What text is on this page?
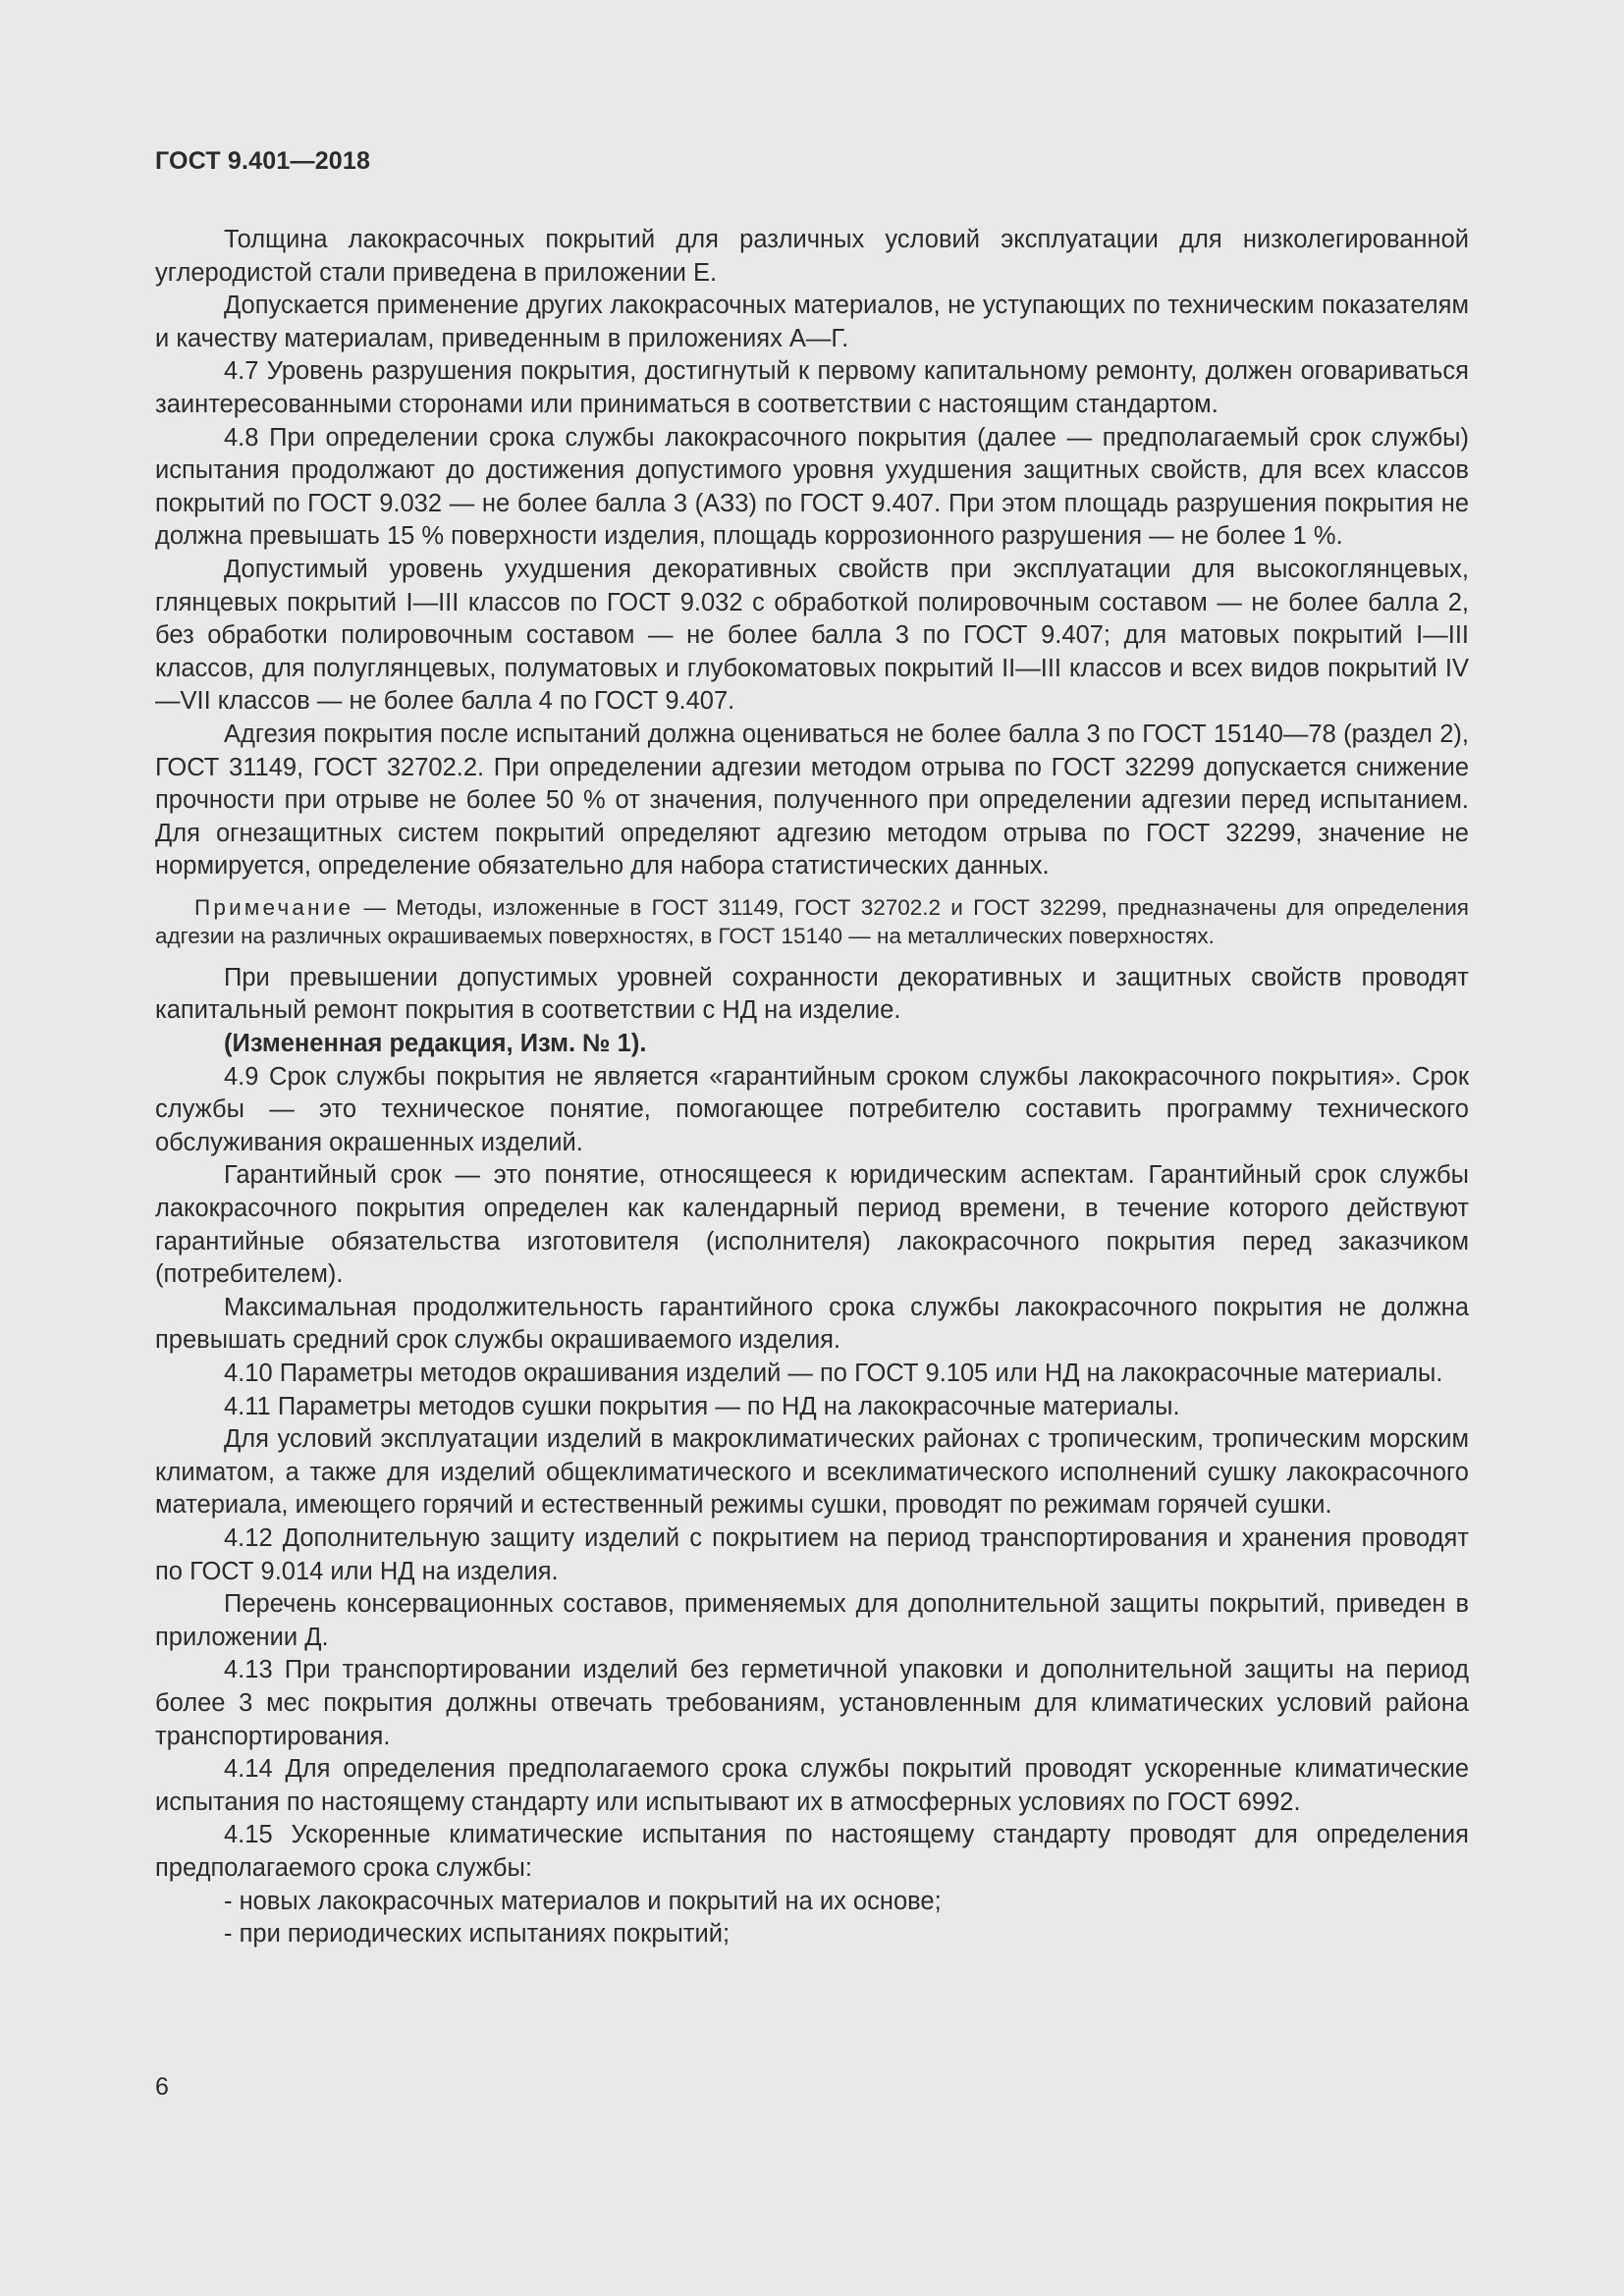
ГОСТ 9.401—2018

Толщина лакокрасочных покрытий для различных условий эксплуатации для низколегированной углеродистой стали приведена в приложении Е.

Допускается применение других лакокрасочных материалов, не уступающих по техническим показателям и качеству материалам, приведенным в приложениях А—Г.

4.7 Уровень разрушения покрытия, достигнутый к первому капитальному ремонту, должен оговариваться заинтересованными сторонами или приниматься в соответствии с настоящим стандартом.

4.8 При определении срока службы лакокрасочного покрытия (далее — предполагаемый срок службы) испытания продолжают до достижения допустимого уровня ухудшения защитных свойств, для всех классов покрытий по ГОСТ 9.032 — не более балла 3 (АЗ3) по ГОСТ 9.407. При этом площадь разрушения покрытия не должна превышать 15 % поверхности изделия, площадь коррозионного разрушения — не более 1 %.

Допустимый уровень ухудшения декоративных свойств при эксплуатации для высокоглянцевых, глянцевых покрытий I—III классов по ГОСТ 9.032 с обработкой полировочным составом — не более балла 2, без обработки полировочным составом — не более балла 3 по ГОСТ 9.407; для матовых покрытий I—III классов, для полуглянцевых, полуматовых и глубокоматовых покрытий II—III классов и всех видов покрытий IV—VII классов — не более балла 4 по ГОСТ 9.407.

Адгезия покрытия после испытаний должна оцениваться не более балла 3 по ГОСТ 15140—78 (раздел 2), ГОСТ 31149, ГОСТ 32702.2. При определении адгезии методом отрыва по ГОСТ 32299 допускается снижение прочности при отрыве не более 50 % от значения, полученного при определении адгезии перед испытанием. Для огнезащитных систем покрытий определяют адгезию методом отрыва по ГОСТ 32299, значение не нормируется, определение обязательно для набора статистических данных.

Примечание — Методы, изложенные в ГОСТ 31149, ГОСТ 32702.2 и ГОСТ 32299, предназначены для определения адгезии на различных окрашиваемых поверхностях, в ГОСТ 15140 — на металлических поверхностях.

При превышении допустимых уровней сохранности декоративных и защитных свойств проводят капитальный ремонт покрытия в соответствии с НД на изделие.

(Измененная редакция, Изм. № 1).

4.9 Срок службы покрытия не является «гарантийным сроком службы лакокрасочного покрытия». Срок службы — это техническое понятие, помогающее потребителю составить программу технического обслуживания окрашенных изделий.

Гарантийный срок — это понятие, относящееся к юридическим аспектам. Гарантийный срок службы лакокрасочного покрытия определен как календарный период времени, в течение которого действуют гарантийные обязательства изготовителя (исполнителя) лакокрасочного покрытия перед заказчиком (потребителем).

Максимальная продолжительность гарантийного срока службы лакокрасочного покрытия не должна превышать средний срок службы окрашиваемого изделия.

4.10 Параметры методов окрашивания изделий — по ГОСТ 9.105 или НД на лакокрасочные материалы.

4.11 Параметры методов сушки покрытия — по НД на лакокрасочные материалы.

Для условий эксплуатации изделий в макроклиматических районах с тропическим, тропическим морским климатом, а также для изделий общеклиматического и всеклиматического исполнений сушку лакокрасочного материала, имеющего горячий и естественный режимы сушки, проводят по режимам горячей сушки.

4.12 Дополнительную защиту изделий с покрытием на период транспортирования и хранения проводят по ГОСТ 9.014 или НД на изделия.

Перечень консервационных составов, применяемых для дополнительной защиты покрытий, приведен в приложении Д.

4.13 При транспортировании изделий без герметичной упаковки и дополнительной защиты на период более 3 мес покрытия должны отвечать требованиям, установленным для климатических условий района транспортирования.

4.14 Для определения предполагаемого срока службы покрытий проводят ускоренные климатические испытания по настоящему стандарту или испытывают их в атмосферных условиях по ГОСТ 6992.

4.15 Ускоренные климатические испытания по настоящему стандарту проводят для определения предполагаемого срока службы:

- новых лакокрасочных материалов и покрытий на их основе;

- при периодических испытаниях покрытий;

6
